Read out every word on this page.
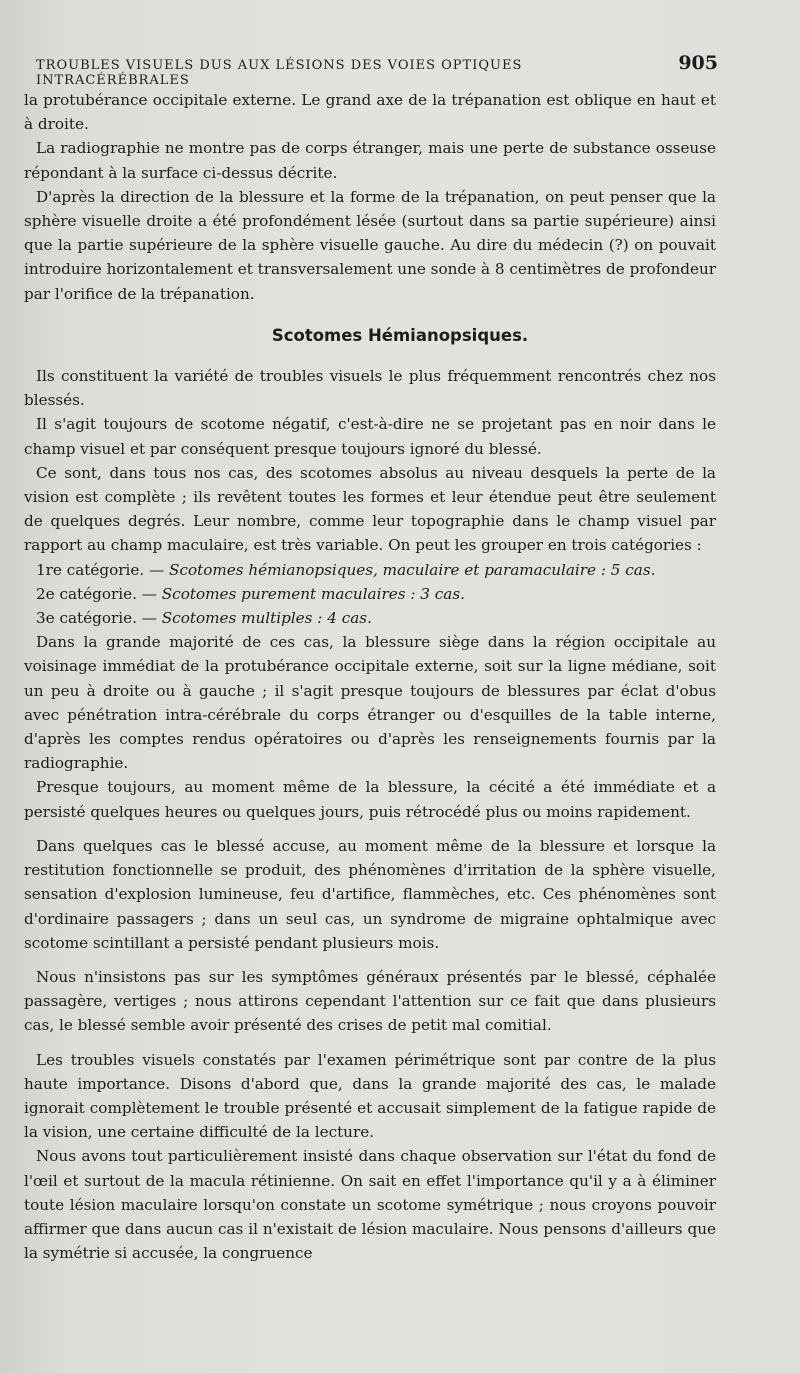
TROUBLES VISUELS DUS AUX LÉSIONS DES VOIES OPTIQUES INTRACÉRÉBRALES
905

la protubérance occipitale externe. Le grand axe de la trépanation est oblique en haut et à droite.

La radiographie ne montre pas de corps étranger, mais une perte de substance osseuse répondant à la surface ci-dessus décrite.

D'après la direction de la blessure et la forme de la trépanation, on peut penser que la sphère visuelle droite a été profondément lésée (surtout dans sa partie supérieure) ainsi que la partie supérieure de la sphère visuelle gauche. Au dire du médecin (?) on pouvait introduire horizontalement et transversalement une sonde à 8 centimètres de profondeur par l'orifice de la trépanation.

Scotomes Hémianopsiques.

Ils constituent la variété de troubles visuels le plus fréquemment rencontrés chez nos blessés.

Il s'agit toujours de scotome négatif, c'est-à-dire ne se projetant pas en noir dans le champ visuel et par conséquent presque toujours ignoré du blessé.

Ce sont, dans tous nos cas, des scotomes absolus au niveau desquels la perte de la vision est complète ; ils revêtent toutes les formes et leur étendue peut être seulement de quelques degrés. Leur nombre, comme leur topographie dans le champ visuel par rapport au champ maculaire, est très variable. On peut les grouper en trois catégories :

1re catégorie. — Scotomes hémianopsiques, maculaire et paramaculaire : 5 cas.

2e catégorie. — Scotomes purement maculaires : 3 cas.

3e catégorie. — Scotomes multiples : 4 cas.

Dans la grande majorité de ces cas, la blessure siège dans la région occipitale au voisinage immédiat de la protubérance occipitale externe, soit sur la ligne médiane, soit un peu à droite ou à gauche ; il s'agit presque toujours de blessures par éclat d'obus avec pénétration intra-cérébrale du corps étranger ou d'esquilles de la table interne, d'après les comptes rendus opératoires ou d'après les renseignements fournis par la radiographie.

Presque toujours, au moment même de la blessure, la cécité a été immédiate et a persisté quelques heures ou quelques jours, puis rétrocédé plus ou moins rapidement.

Dans quelques cas le blessé accuse, au moment même de la blessure et lorsque la restitution fonctionnelle se produit, des phénomènes d'irritation de la sphère visuelle, sensation d'explosion lumineuse, feu d'artifice, flammèches, etc. Ces phénomènes sont d'ordinaire passagers ; dans un seul cas, un syndrome de migraine ophtalmique avec scotome scintillant a persisté pendant plusieurs mois.

Nous n'insistons pas sur les symptômes généraux présentés par le blessé, céphalée passagère, vertiges ; nous attirons cependant l'attention sur ce fait que dans plusieurs cas, le blessé semble avoir présenté des crises de petit mal comitial.

Les troubles visuels constatés par l'examen périmétrique sont par contre de la plus haute importance. Disons d'abord que, dans la grande majorité des cas, le malade ignorait complètement le trouble présenté et accusait simplement de la fatigue rapide de la vision, une certaine difficulté de la lecture.

Nous avons tout particulièrement insisté dans chaque observation sur l'état du fond de l'œil et surtout de la macula rétinienne. On sait en effet l'importance qu'il y a à éliminer toute lésion maculaire lorsqu'on constate un scotome symétrique ; nous croyons pouvoir affirmer que dans aucun cas il n'existait de lésion maculaire. Nous pensons d'ailleurs que la symétrie si accusée, la congruence
